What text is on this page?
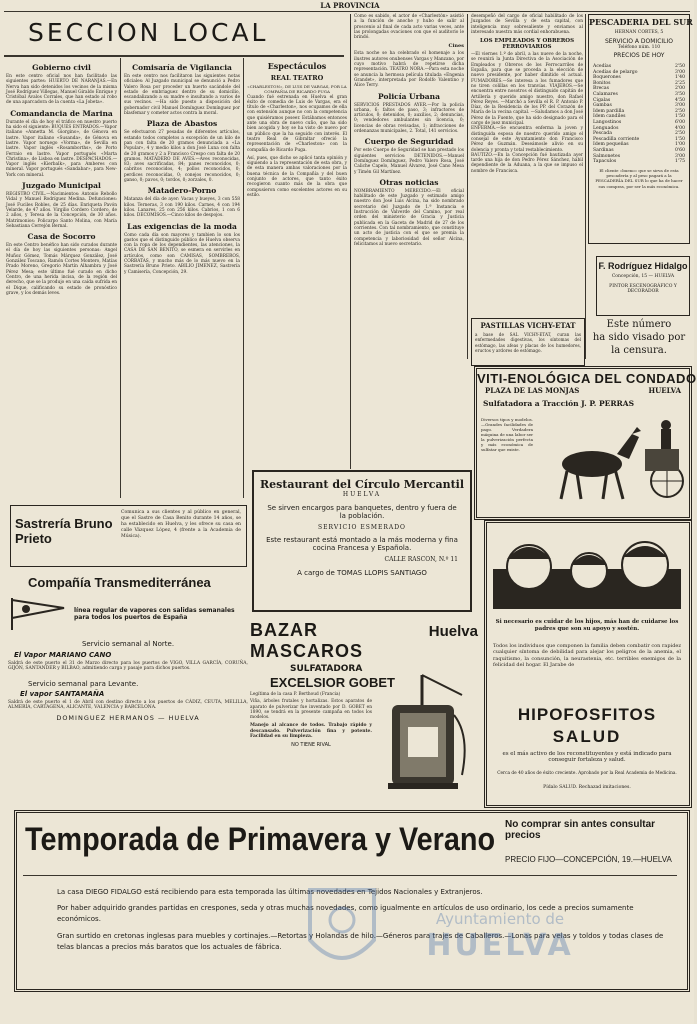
LA PROVINCIA
SECCION LOCAL
Gobierno civil
En este centro oficial nos han facilitado las siguientes partes: HUERTO DE NARANJAS.—En Nerva han sido detenidos los vecinos de la misma José Rodríguez Villegas, Manuel Giraldo Enrique y Cristóbal Avalos Corrales, que han estado al robo de una aparcadora de la cuenta «La Jobeta».
Comandancia de Marina
Durante el día de hoy el tráfico en nuestro puerto ha sido el siguiente: BUQUES ENTRADOS.—Vapor italiano «Annetta M. Giorgino», de Génova en lastre. Vapor italiano «Susanda», de Génova en lastre. Vapor noruego «Vorma», de Sevilla en lastre. Vapor inglés «Rosamborths», de Porto Ferraio en lastre. Vapor portugués «Marta Christina», de Lisboa en lastre. DESPACHADOS.—Vapor inglés «Kierbalk», para Amberes con mineral. Vapor portugués «Sandabar», para New-York con mineral.
Juzgado Municipal
REGISTRO CIVIL.—Nacimientos: Antonio Rebollo Vidal y Manuel Rodríguez Medina. Defunciones: José Fuciles Robles, de 25 días. Enriqueta Pavón Velarde, de 47 años. Virgilio Cordero Cordero, de 2 años, y Teresa de la Concepción, de 30 años. Matrimonios: Policarpo Santo Molina, con María Sebastiana Cerrejón Bernal.
Casa de Socorro
En este Centro benéfico han sido curados durante el día de hoy las siguientes personas: Angel Muñoz Gómez, Tomás Márquez González, José González Toscano, Ramón Cortes Montero, Matías Prado Moreno, Gregorio Martín Alhambra y José Pérez Mesa; este último fué curado en dicho Centro, de una herida incisa, de la región del derecho, que se la produjo en una caída sufrida en el Dique, calificando su estado de pronóstico grave, y los demás leves.
Comisaría de Vigilancia
En este centro nos facilitaron las siguientes notas oficiales: Al Juzgado municipal se denunció a Pedro Valero Rosa por proceder un huerto sacándole del estado de embriaguez dentro de su domicilio, escandalizando a su madre e insultando a varios de sus vecinos. —Ha sido puesto a disposición del gobernador civil Manuel Domínguez Domínguez por blasfemar y cometer actos contra la moral.
Plaza de Abastos
Se efectuaron 27 pesadas de diferentes artículos, estando todos completos a excepción de un kilo de pan con falta de 20 gramos denunciada a «La Popular», 4 y medio kilos a don José Luna con falta de 20 gramos y 2 a Francisco Crespo con falta de 20 gramos. MATADERO DE AVES.—Aves reconocidas, 83; aves sacrificadas, 84; panes reconocidos, 0; cabritos reconocidos, 4; pollos reconocidos, 0; perdices reconocidas, 0; conejos reconocidos, 0; ganso, 0; pavos, 0; tordos, 0; zorzales, 0.
Matadero-Porno
Matanza del día de ayer: Vacas y bueyes, 3 con 558 kilos. Terneras, 3 con 190 kilos. Carnes, 4 con 194 kilos. Lanares, 25 con 256 kilos. Cabrios, 1 con 6 kilos. DECOMISOS.—Cinco kilos de despojos.
Las exigencias de la moda
Como cada día son mayores y tambien lo son los gastos que el distinguido público de Huelva observa con la ropa de los dependientes, las atenciones, la CASA DE SAN BENITO, se esmera en servirles en artículos, como son CAMISAS, SOMBREROS, CORBATAS, y mucho más de lo más nuevo en la Sastrería Bruno Prieto. ABILIO JIMENEZ, Sastrería y Camisería, Concepción, 29.
Espectáculos
REAL TEATRO
«CHARLESTON», DE LUIS DE VARGAS, POR LA COMPAÑIA DE RICARDO PUGA
Cuando fué estrenada en Huelva el gran éxito de comedia de Luis de Vargas, era el título de «Charleston», nos ocupamos de ella con extensión aunque no con la competencia que quisiéramos poseer. Estábamos entonces ante una obra de nuevo cuño, que ha sido bien acogida y hoy se ha visto de nuevo por un público que la ha seguido con interés. El teatro Real de Gibraltar ofreció la representación de «Charleston» con la compañía de Ricardo Puga.
Así, pues, que dicho se aplicó tanta opinión y siguiendo a la representación de esta obra, y de esta manera ambas valoraciones por la buena técnica de la Compañía y del buen conjunto de actores, que tanto éxito recogieron cuanto más de la obra que compusieron como excelentes actores en su estilo.
Como es sabido, el actor de «Charlestón» asistió a la función de anoche y hubo de salir al proscenio al final de cada acto varias veces, ante las prolongadas ovaciones con que el auditorio le brindó.
Cines
Esta noche se ha celebrado el homenaje a los ilustres autores onubenses Vargas y Manzano, por cuyo motivo habrá de repetirse dicha representación. TEATRO NORA.—Para esta noche se anuncia la hermosa película titulada «Engenia Grandet», interpretada por Rodolfo Valentino y Alice Terry.
Policía Urbana
SERVICIOS PRESTADOS AYER.—Por la policía urbana, 6; faltos de paso, 3; infractores de artículos, 0; detenidos, 0; auxilios, 2; denuncias, 0; vendedores ambulantes sin licencia, 0; licencias de obras revisadas, 1; infracciones de ordenanzas municipales, 2. Total, 141 servicios.
Cuerpo de Seguridad
Por este Cuerpo de Seguridad se han prestado los siguientes servicios: DETENIDOS.—Manuel Domínguez Domínguez, Pedro Valero Rosa, José Caliche Capelo, Manuel Álvarez, José Cano Mesa y Timén Gil Martínez.
Otras noticias
NOMBRAMIENTO MERECIDO.—El oficial habilitado de este Juzgado y estimado amigo nuestro don José Luis Alcina, ha sido nombrado secretario del Juzgado de 1.ª Instancia e Instrucción de Valverde del Camino, por real orden del ministerio de Gracia y Justicia publicada en la Gaceta de Madrid de 27 de los corrientes. Con tal nombramiento, que constituye un acto de justicia con el que se premia la competencia y laboriosidad del señor Alcina, felicitamos al nuevo secretario.
desempeñó del cargo de oficial habilitado de los Juzgados de Sevilla y de esta capital, con inteligencia muy sobresaliente y enviamos al interesado nuestra más cordial enhorabuena.
LOS EMPLEADOS Y OBREROS FERROVIARIOS
—El viernes 1.º de abril, a las nueve de la noche, se reunirá la Junta Directiva de la Asociación de Empleados y Obreros de los Ferrocarriles de España, para que se proceda a la elección de nuevo presidente, por haber dimitido el actual. FUMADORES.—Se interesa a los fumadores que no tiren colillas en los tranvías. VIAJEROS.—Se encuentra entre nosotros el distinguido capitán de Artillería y querido amigo nuestro, don Rafael Pérez Reyes. —Marchó a Sevilla el R. P. Antonio P. Díaz, de la Residencia de los PP. del Corazón de María de la vecina capital. —Saludamos a don José Pérez de la Fuente, que ha sido designado para el cargo de juez municipal.
ENFERMA.—Se encuentra enferma la joven y distinguida esposa de nuestro querido amigo el consejal de este Ayuntamiento don Francisco Pérez de Guzmán. Deseámosle alivio en su dolencia y pronta y total restablecimiento.
BAUTIZO.—En la Concepción fué bautizada ayer tarde una hija de don Pedro Pérez Sánchez, hábil dependiente de la Aduana, a la que se impuso el nombre de Francisca.
PESCADERIA DEL SUR
HERNAN CORTES, 5
SERVICIO A DOMICILIO
Teléfono núm. 110
PRECIOS DE HOY
Acedías	2'50
Acedías de pelargo	3'00
Boquerones	1'40
Bonitos	2'25
Brecas	2'00
Calamares	3'50
Cigalas	4'50
Gambas	3'00
Idem pardilla	2'50
Idem candiles	1'50
Langostinos	6'00
Lenguados	4'00
Pescada	2'50
Pescadilla corriente	1'50
Idem pequeñas	1'00
Sardinas	0'60
Salmonetes	3'00
Tapaculos	1'75
El cliente «bueno» que se sirva de esta pescadería y al peso pagará a la PESCADERÍA DEL SUR lo que ha de hacer sus compras, por ser la más económica.
F. Rodríguez Hidalgo
Concepción, 15 — HUELVA
PINTOR ESCENOGRÁFICO Y DECORADOR
Este número
ha sido visado por
la censura.
PASTILLAS VICHY-ETAT
a base de SAL VICHY-ETAT, curan las enfermedades digestivas, los síntomas del estómago, las afeas y placas de los humedores, eructos y ardores de estómago.
VITI-ENOLÓGICA DEL CONDADO
PLAZA DE LAS MONJAS	HUELVA
Sulfatadora a Tracción J. P. PERRAS
Diversos tipos y modelos.—Grandes facilidades de pago. Verdadera máquina de una labor ser la pulverización perfecta y más económica de sulfatar que existe.
Sastrería Bruno Prieto
Comunica a sus clientes y al público en general, que el Sastre de Casa Benito durante 14 años, se ha establecido en Huelva, y les ofrece su casa en calle Vázquez López, 4 (frente a la Academia de Música).
Restaurant del Círculo Mercantil
HUELVA
Se sirven encargos para banquetes, dentro y fuera de la población.
SERVICIO ESMERADO
Este restaurant está montado a la más moderna y fina cocina Francesa y Española.
CALLE RASCON, N.º 11
A cargo de TOMAS LLOPIS SANTIAGO
Compañía Transmediterránea
línea regular de vapores con salidas semanales para todos los puertos de España
Servicio semanal al Norte.
El Vapor MARIANO CANO
Saldrá de este puerto el 31 de Marzo directo para los puertos de VIGO, VILLA GARCÍA, CORUÑA, GIJÓN, SANTANDER y BILBAO, admitiendo carga y pasaje para dichos puertos.
Servicio semanal para Levante.
El vapor SANTAMAÑA
Saldrá de este puerto el 1 de Abril con destino directo a los puertos de CÁDIZ, CEUTA, MELILLA, ALMERÍA, CARTAGENA, ALICANTE, VALENCIA y BARCELONA.
DOMINGUEZ HERMANOS — HUELVA
BAZAR MASCAROS
Huelva
SULFATADORA
EXCELSIOR GOBET
Legítima de la casa P. Berthoud (Francia)
Viña, árboles frutales y hortalizas. Estos aparatos de aparato de pulverizar fue inventado por D. GOBET en 1890, se tendrá en la presente campaña en todos los modelos.
Manejo al alcance de todos. Trabajo rápido y descansado. Pulverización fina y potente. Facilidad en su limpieza.
NO TIENE RIVAL
Si necesario es cuidar de los hijos, más han de cuidarse los padres que son su apoyo y sostén.
Todos los individuos que componen la familia deben combatir con rapidez cualquier síntoma de debilidad para alejar los peligros de la anemia, el raquitismo, la consunción, la neurastenia, etc. terribles enemigos de la felicidad del hogar. El Jarabe de
HIPOFOSFITOS
SALUD
es el más activo de los reconstituyentes y está indicado para conseguir fortaleza y salud.
Cerca de 40 años de éxito creciente. Aprobado por la Real Academia de Medicina.
Pídalo SALUD. Rechazad imitaciones.
Temporada de Primavera y Verano No comprar sin antes consultar precios
PRECIO FIJO—CONCEPCIÓN, 19.—HUELVA
La casa DIEGO FIDALGO está recibiendo para esta temporada las últimas novedades en Tejidos Nacionales y Extranjeros.
Por haber adquirido grandes partidas en crespones, seda y otras muchas novedades, como igualmente en artículos de uso ordinario, los cede a precios sumamente económicos.
Gran surtido en cretonas inglesas para muebles y cortinajes.—Retortas y Holandas de hilo.—Géneros para trajes de Caballeros.—Lonas para velas y toldos y todas clases de telas blancas a precios más baratos que los actuales de fábrica.
Ayuntamiento de
HUELVA
